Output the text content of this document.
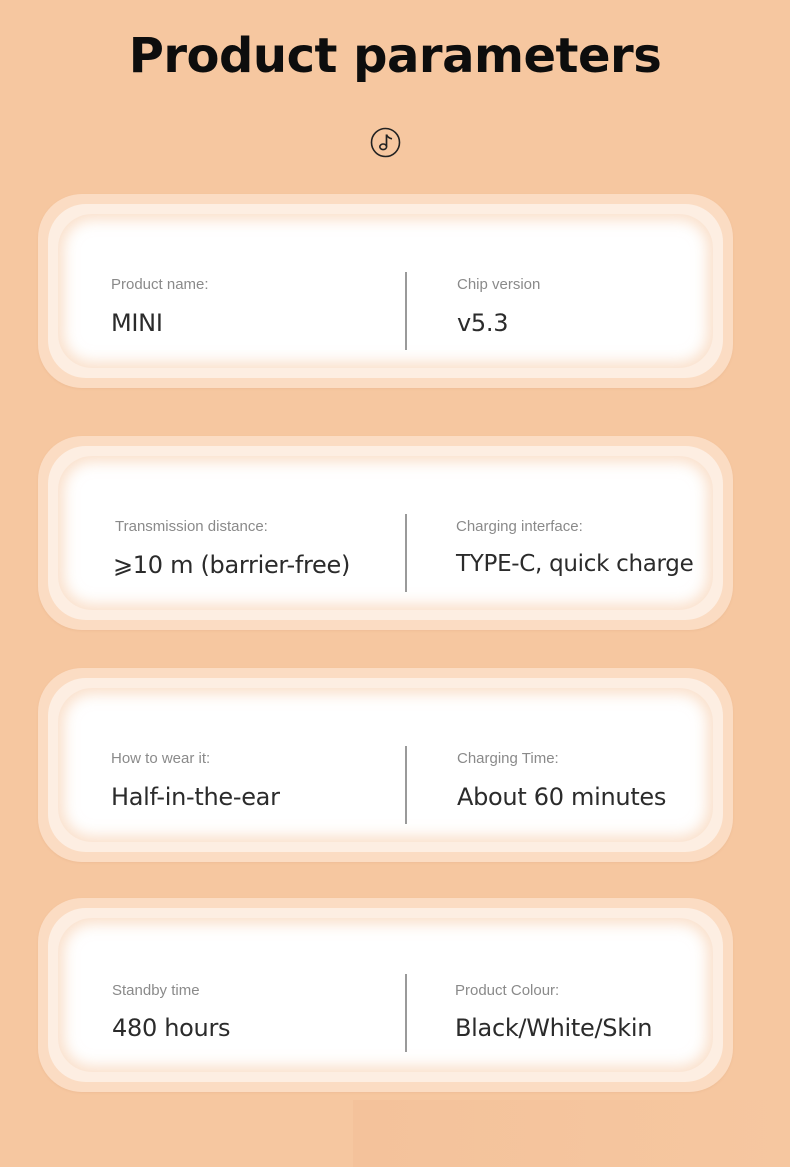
Product parameters
Product name:
MINI
Chip version
v5.3
Transmission distance:
⩾10 m (barrier-free)
Charging interface:
TYPE-C, quick charge
How to wear it:
Half-in-the-ear
Charging Time:
About 60 minutes
Standby time
480 hours
Product Colour:
Black/White/Skin
